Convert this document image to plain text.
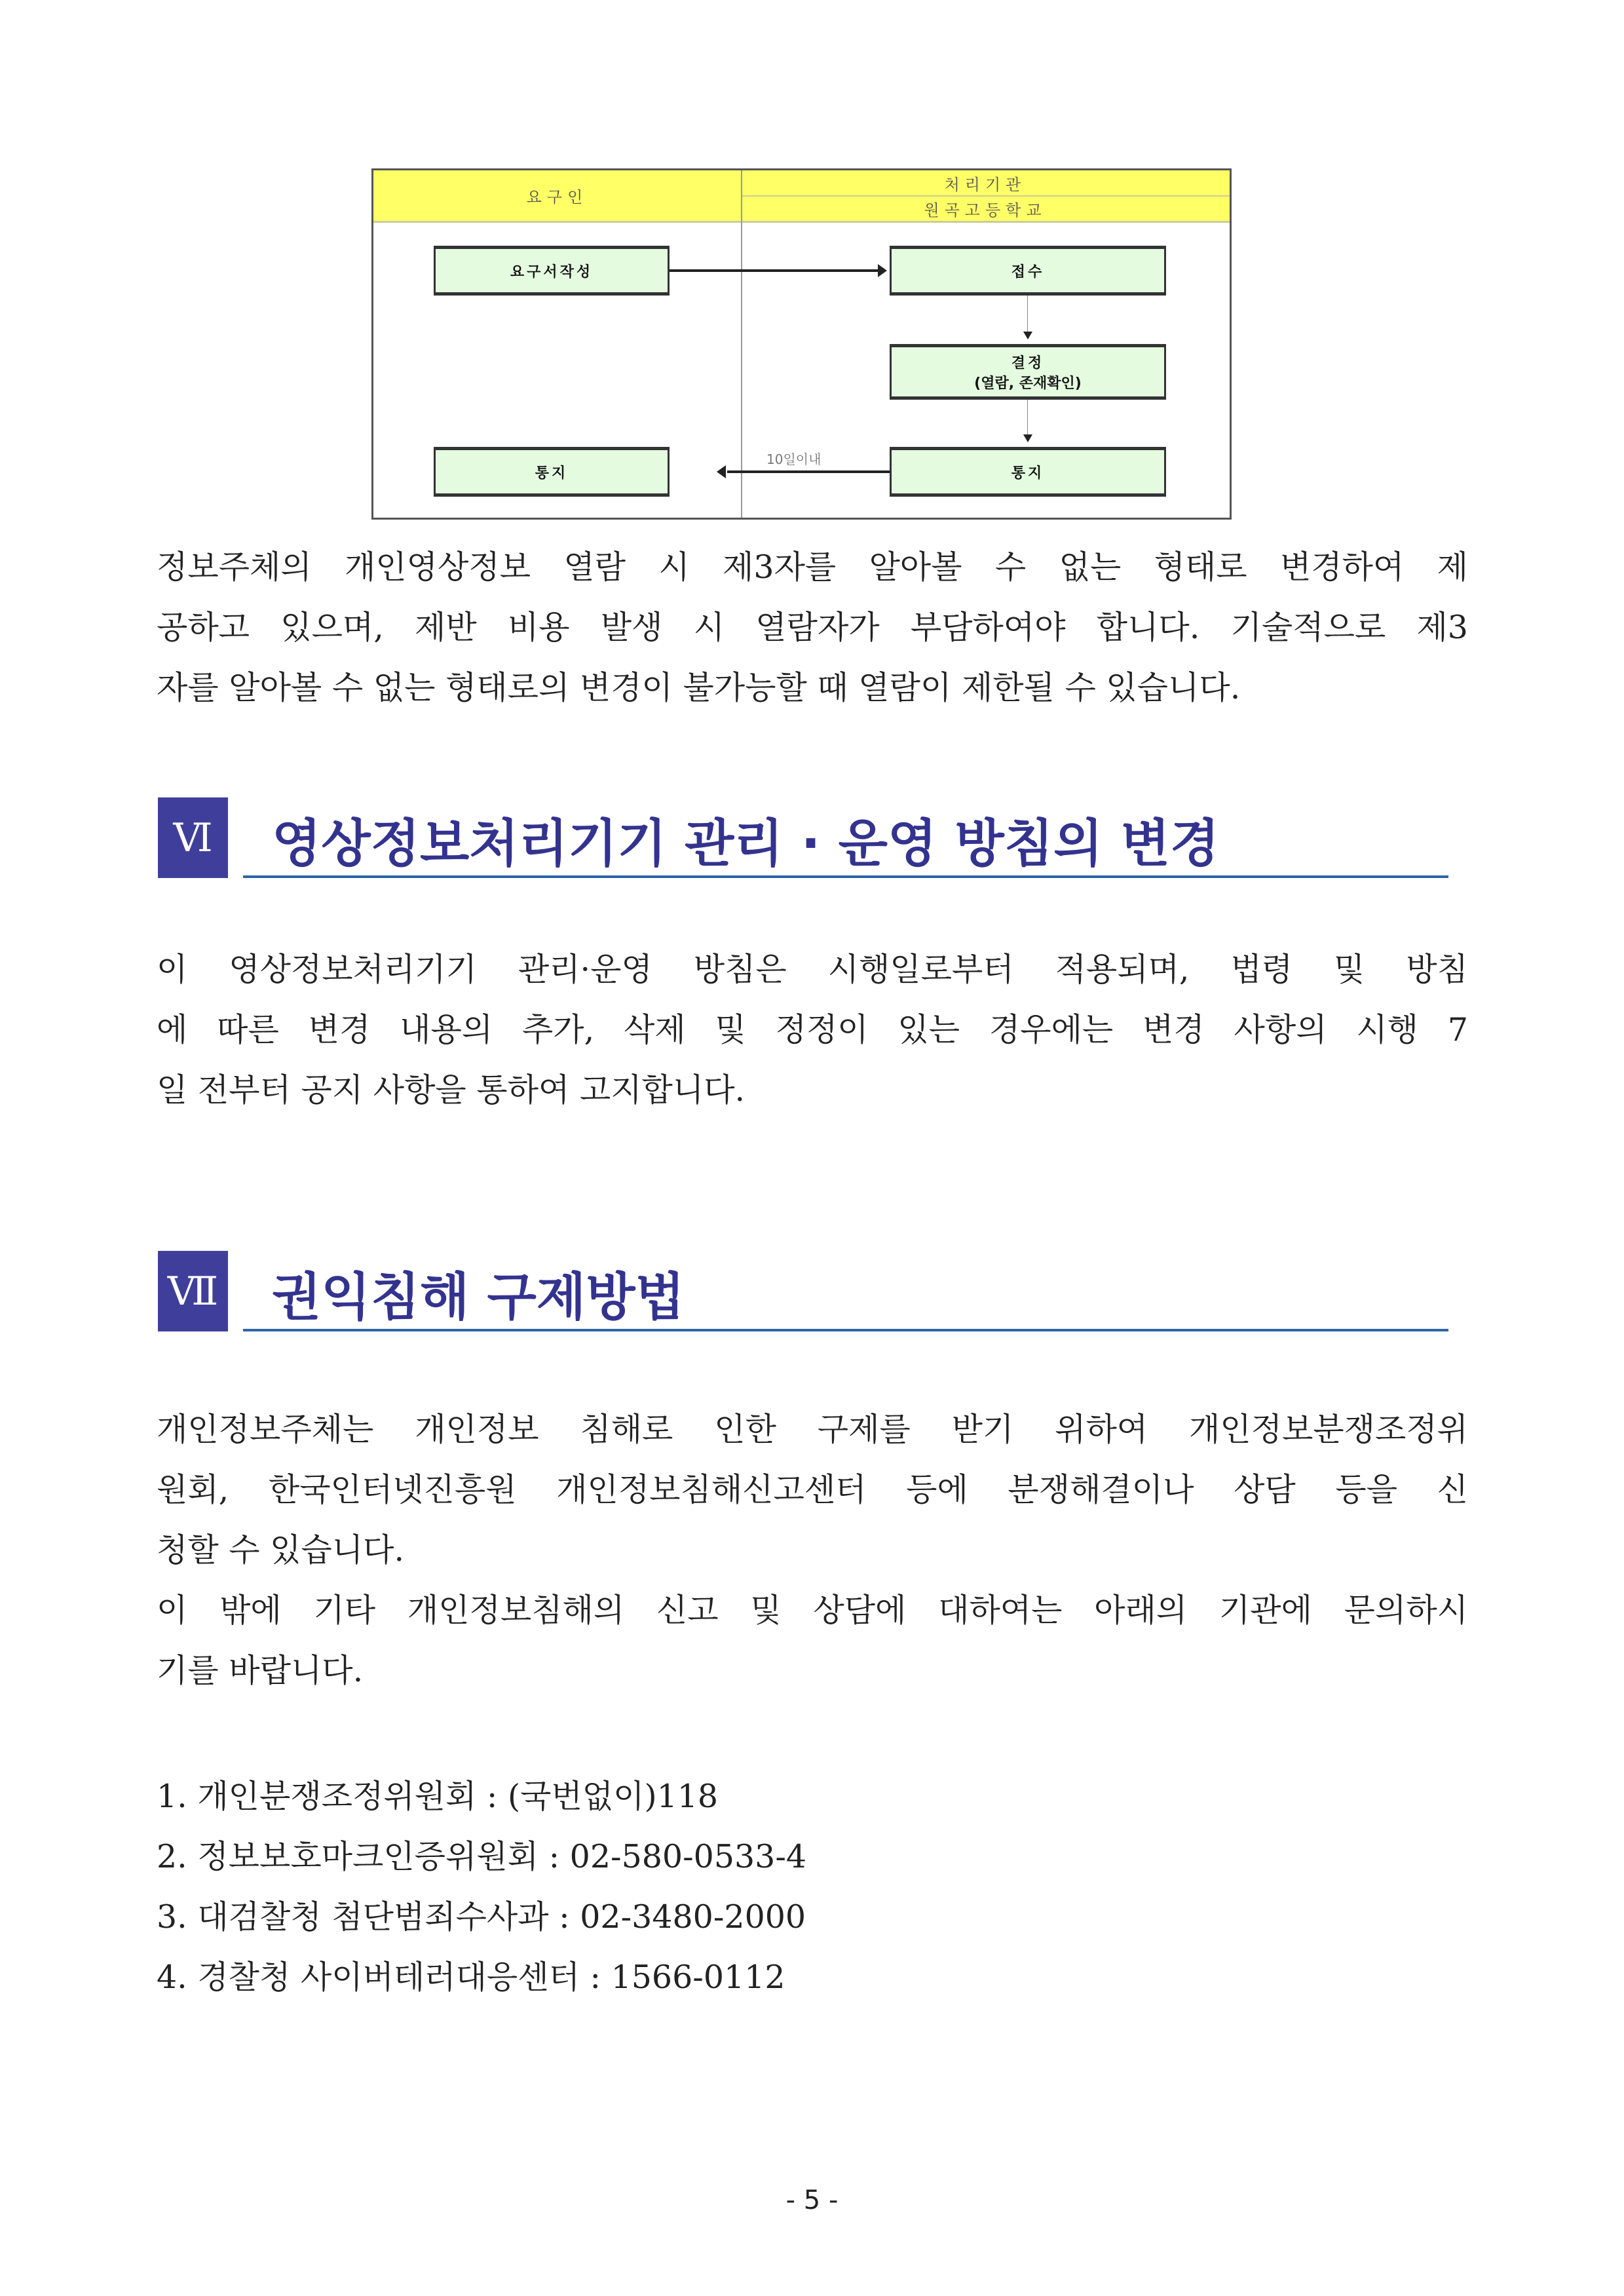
요구인
처리기관
원곡고등학교
요구서작성	접수
결정
(열람, 존재확인)
통지	통지
10일이내
정보주체의 개인영상정보 열람 시 제3자를 알아볼 수 없는 형태로 변경하여 제
공하고 있으며, 제반 비용 발생 시 열람자가 부담하여야 합니다. 기술적으로 제3
자를 알아볼 수 없는 형태로의 변경이 불가능할 때 열람이 제한될 수 있습니다.
Ⅵ 영상정보처리기기 관리 · 운영 방침의 변경
이 영상정보처리기기 관리·운영 방침은 시행일로부터 적용되며, 법령 및 방침
에 따른 변경 내용의 추가, 삭제 및 정정이 있는 경우에는 변경 사항의 시행 7
일 전부터 공지 사항을 통하여 고지합니다.
Ⅶ 권익침해 구제방법
개인정보주체는 개인정보 침해로 인한 구제를 받기 위하여 개인정보분쟁조정위
원회, 한국인터넷진흥원 개인정보침해신고센터 등에 분쟁해결이나 상담 등을 신
청할 수 있습니다.
이 밖에 기타 개인정보침해의 신고 및 상담에 대하여는 아래의 기관에 문의하시
기를 바랍니다.
1. 개인분쟁조정위원회 : (국번없이)118
2. 정보보호마크인증위원회 : 02-580-0533-4
3. 대검찰청 첨단범죄수사과 : 02-3480-2000
4. 경찰청 사이버테러대응센터 : 1566-0112
- 5 -
